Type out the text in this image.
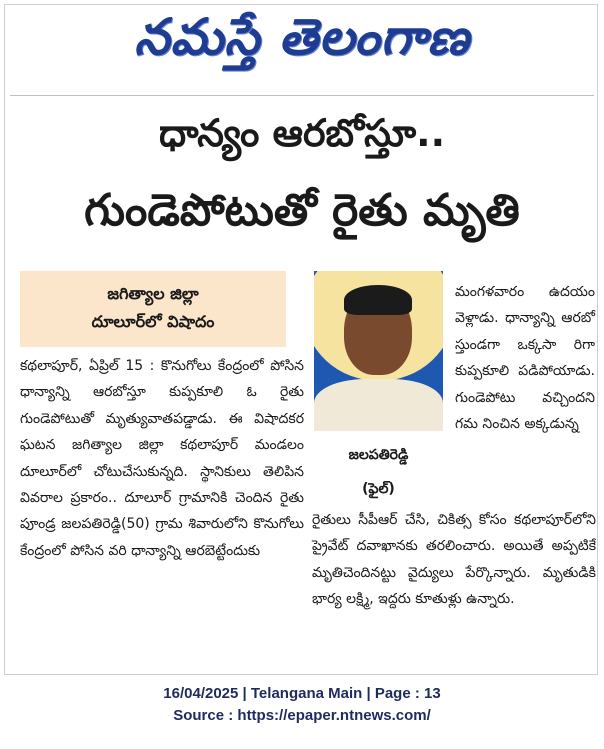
నమస్తే తెలంగాణ
ధాన్యం ఆరబోస్తూ..
గుండెపోటుతో రైతు మృతి
జగిత్యాల జిల్లా
దూలూర్‌లో విషాదం

కథలాపూర్, ఏప్రిల్ 15 : కొనుగోలు కేంద్రంలో పోసిన ధాన్యాన్ని ఆరబోస్తూ కుప్పకూలి ఓ రైతు గుండెపోటుతో మృత్యువాతపడ్డాడు. ఈ విషాదకర ఘటన జగిత్యాల జిల్లా కథలాపూర్ మండలం దూలూర్‌లో చోటుచేసుకున్నది. స్థానికులు తెలిపిన వివరాల ప్రకారం.. దూలూర్ గ్రామానికి చెందిన రైతు పూండ్ర జలపతిరెడ్డి(50) గ్రామ శివారులోని కొనుగోలు కేంద్రంలో పోసిన వరి ధాన్యాన్ని ఆరబెట్టేందుకు

జలపతిరెడ్డి
(ఫైల్)

మంగళవారం ఉదయం వెళ్లాడు. ధాన్యాన్ని ఆరబో స్తుండగా ఒక్కసా రిగా కుప్పకూలి పడిపోయాడు. గుండెపోటు వచ్చిందని గమ నించిన అక్కడున్న

రైతులు సీపీఆర్ చేసి, చికిత్స కోసం కథలాపూర్‌లోని ప్రైవేట్ దవాఖానకు తరలించారు. అయితే అప్పటికే మృతిచెందినట్టు వైద్యులు పేర్కొన్నారు. మృతుడికి భార్య లక్ష్మి, ఇద్దరు కూతుళ్లు ఉన్నారు.

16/04/2025 | Telangana Main | Page : 13
Source : https://epaper.ntnews.com/
